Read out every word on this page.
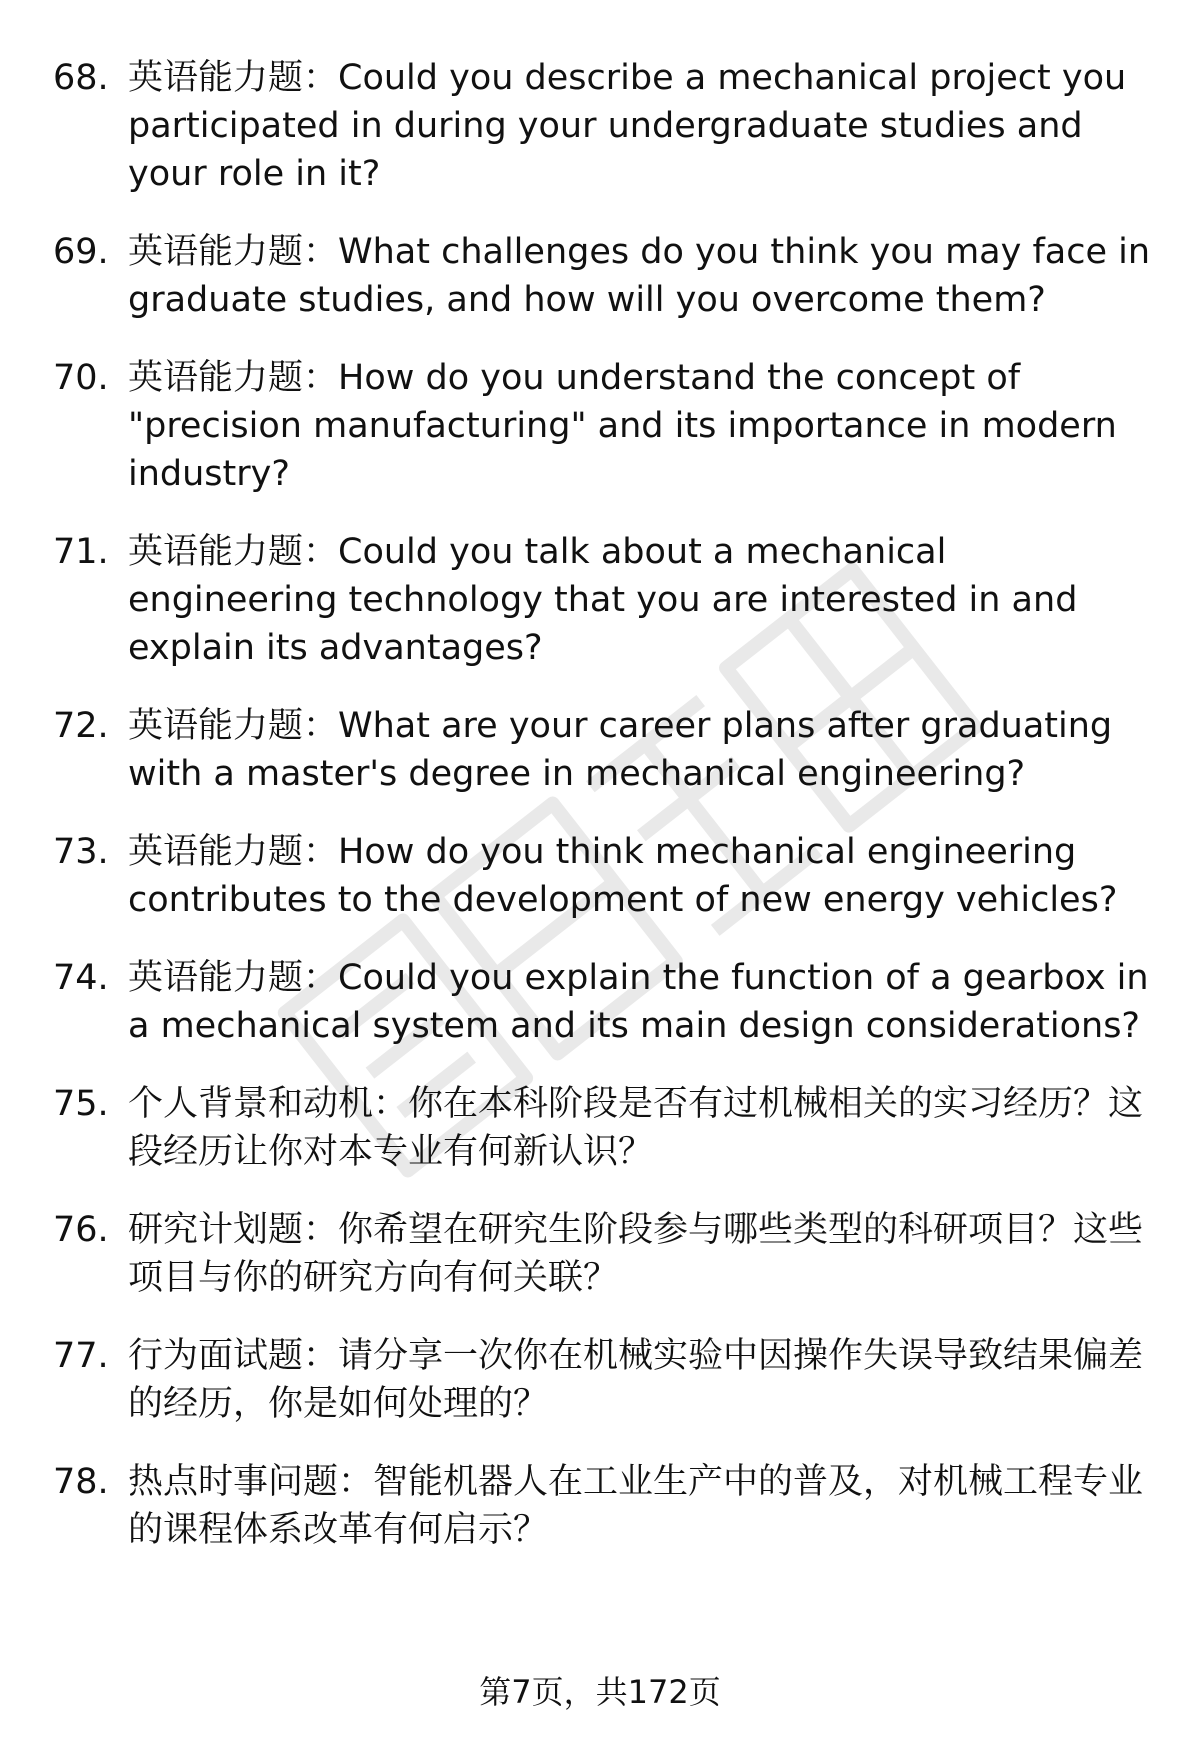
68. 英语能力题：Could you describe a mechanical project you participated in during your undergraduate studies and your role in it?
69. 英语能力题：What challenges do you think you may face in graduate studies, and how will you overcome them?
70. 英语能力题：How do you understand the concept of "precision manufacturing" and its importance in modern industry?
71. 英语能力题：Could you talk about a mechanical engineering technology that you are interested in and explain its advantages?
72. 英语能力题：What are your career plans after graduating with a master's degree in mechanical engineering?
73. 英语能力题：How do you think mechanical engineering contributes to the development of new energy vehicles?
74. 英语能力题：Could you explain the function of a gearbox in a mechanical system and its main design considerations?
75. 个人背景和动机：你在本科阶段是否有过机械相关的实习经历？这段经历让你对本专业有何新认识？
76. 研究计划题：你希望在研究生阶段参与哪些类型的科研项目？这些项目与你的研究方向有何关联？
77. 行为面试题：请分享一次你在机械实验中因操作失误导致结果偏差的经历，你是如何处理的？
78. 热点时事问题：智能机器人在工业生产中的普及，对机械工程专业的课程体系改革有何启示？
第7页，共172页
